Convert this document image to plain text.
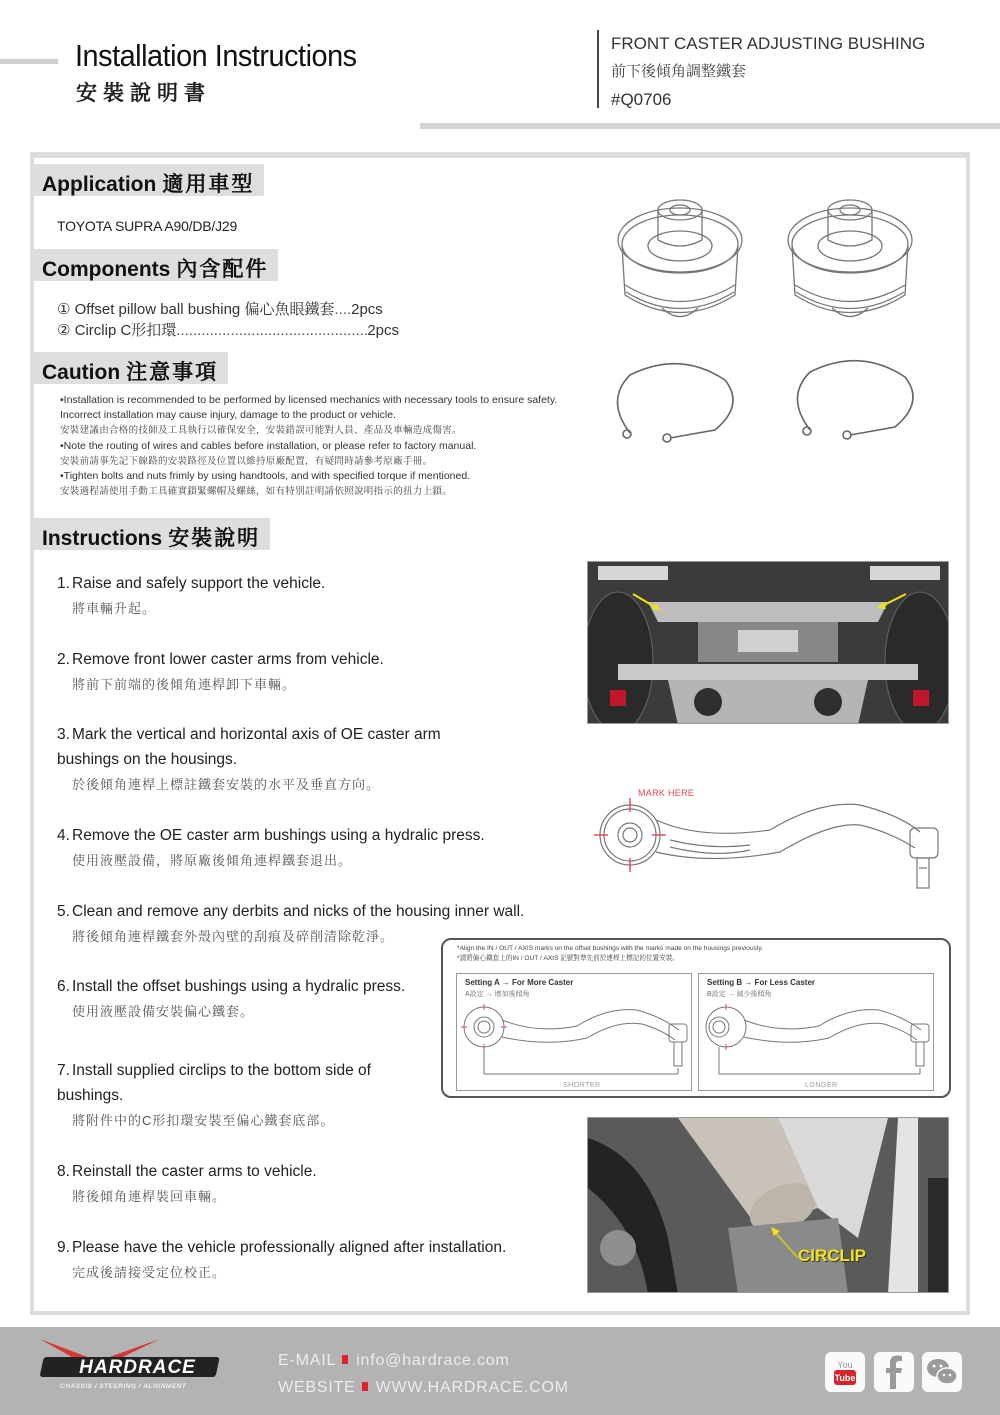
Installation Instructions
安裝說明書
FRONT CASTER ADJUSTING BUSHING
前下後傾角調整鐵套
#Q0706
Application 適用車型
TOYOTA SUPRA A90/DB/J29
Components 內含配件
①
Offset pillow ball bushing 偏心魚眼鐵套 .... 2pcs
②
Circlip C形扣環 .....	2pcs
Caution 注意事項
•Installation is recommended to be performed by licensed mechanics with necessary tools to ensure safety. Incorrect installation may cause injury, damage to the product or vehicle.
安裝建議由合格的技師及工具執行以確保安全，安裝錯誤可能對人員、產品及車輛造成傷害。
•Note the routing of wires and cables before installation, or please refer to factory manual.
安裝前請事先記下線路的安裝路徑及位置以維持原廠配置，有疑問時請參考原廠手冊。
•Tighten bolts and nuts frimly by using handtools, and with specified torque if mentioned.
安裝過程請使用手動工具確實鎖緊螺帽及螺絲，如有特別註明請依照說明指示的扭力上鎖。
Instructions 安裝說明
1. Raise and safely support the vehicle.
將車輛升起。
2. Remove front lower caster arms from vehicle.
將前下前端的後傾角連桿卸下車輛。
3. Mark the vertical and horizontal axis of OE caster arm bushings on the housings.
於後傾角連桿上標註鐵套安裝的水平及垂直方向。
4. Remove the OE caster arm bushings using a hydralic press.
使用液壓設備，將原廠後傾角連桿鐵套退出。
5. Clean and remove any derbits and nicks of the housing inner wall.
將後傾角連桿鐵套外殼內壁的刮痕及碎削清除乾淨。
6. Install the offset bushings using a hydralic press.
使用液壓設備安裝偏心鐵套。
7. Install supplied circlips to the bottom side of bushings.
將附件中的C形扣環安裝至偏心鐵套底部。
8. Reinstall the caster arms to vehicle.
將後傾角連桿裝回車輛。
9. Please have the vehicle professionally aligned after installation.
完成後請接受定位校正。
MARK HERE
*Align the IN / OUT / AXIS marks on the offset bushings with the marks made on the housings previously.
*請將偏心鐵套上的IN / OUT / AXIS 記號對準先前於連桿上標記的位置安裝。
Setting A → For More Caster
A設定 → 增加後傾角
SHORTER
Setting B → For Less Caster
B設定 → 減少後傾角
LONGER
CIRCLIP
HARDRACE
CHASSIS / STEERING / ALIGNMENT
E-MAIL info@hardrace.com
WEBSITE WWW.HARDRACE.COM
You
Tube
